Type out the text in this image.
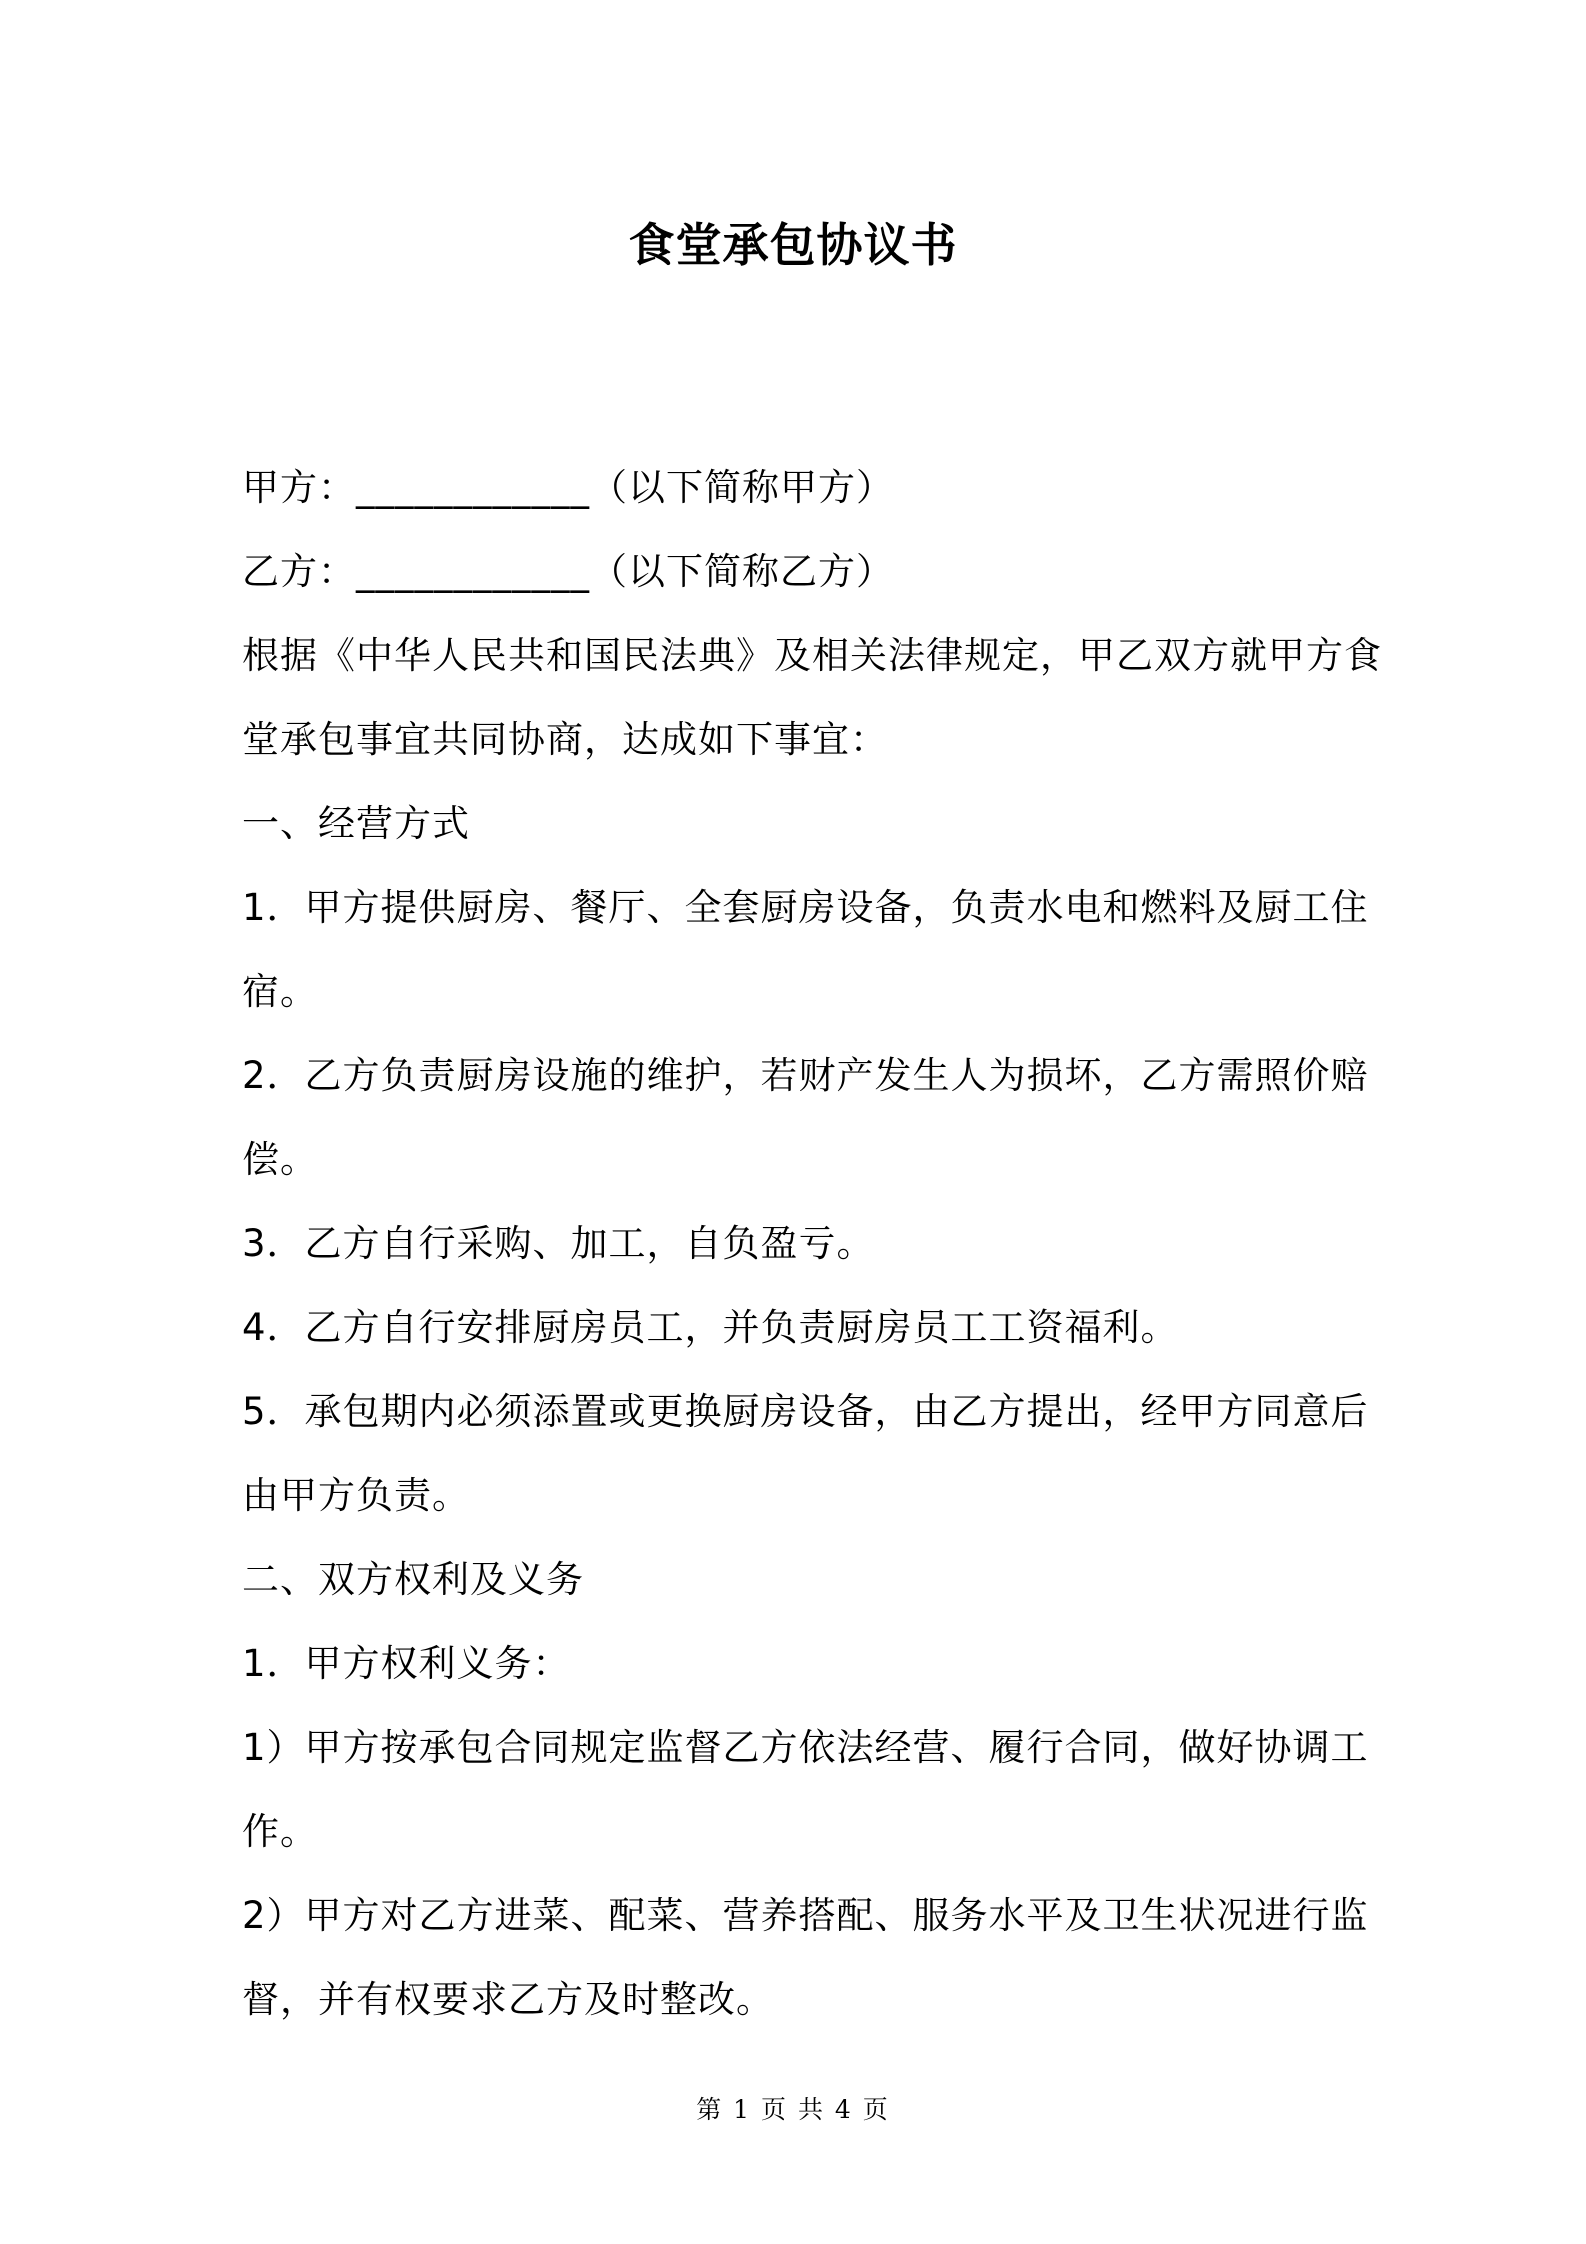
食堂承包协议书
甲方：____________（以下简称甲方）
乙方：____________（以下简称乙方）
根据《中华人民共和国民法典》及相关法律规定，甲乙双方就甲方食
堂承包事宜共同协商，达成如下事宜：
一、经营方式
1．甲方提供厨房、餐厅、全套厨房设备，负责水电和燃料及厨工住
宿。
2．乙方负责厨房设施的维护，若财产发生人为损坏，乙方需照价赔
偿。
3．乙方自行采购、加工，自负盈亏。
4．乙方自行安排厨房员工，并负责厨房员工工资福利。
5．承包期内必须添置或更换厨房设备，由乙方提出，经甲方同意后
由甲方负责。
二、双方权利及义务
1．甲方权利义务：
1）甲方按承包合同规定监督乙方依法经营、履行合同，做好协调工
作。
2）甲方对乙方进菜、配菜、营养搭配、服务水平及卫生状况进行监
督，并有权要求乙方及时整改。
第 1 页 共 4 页
